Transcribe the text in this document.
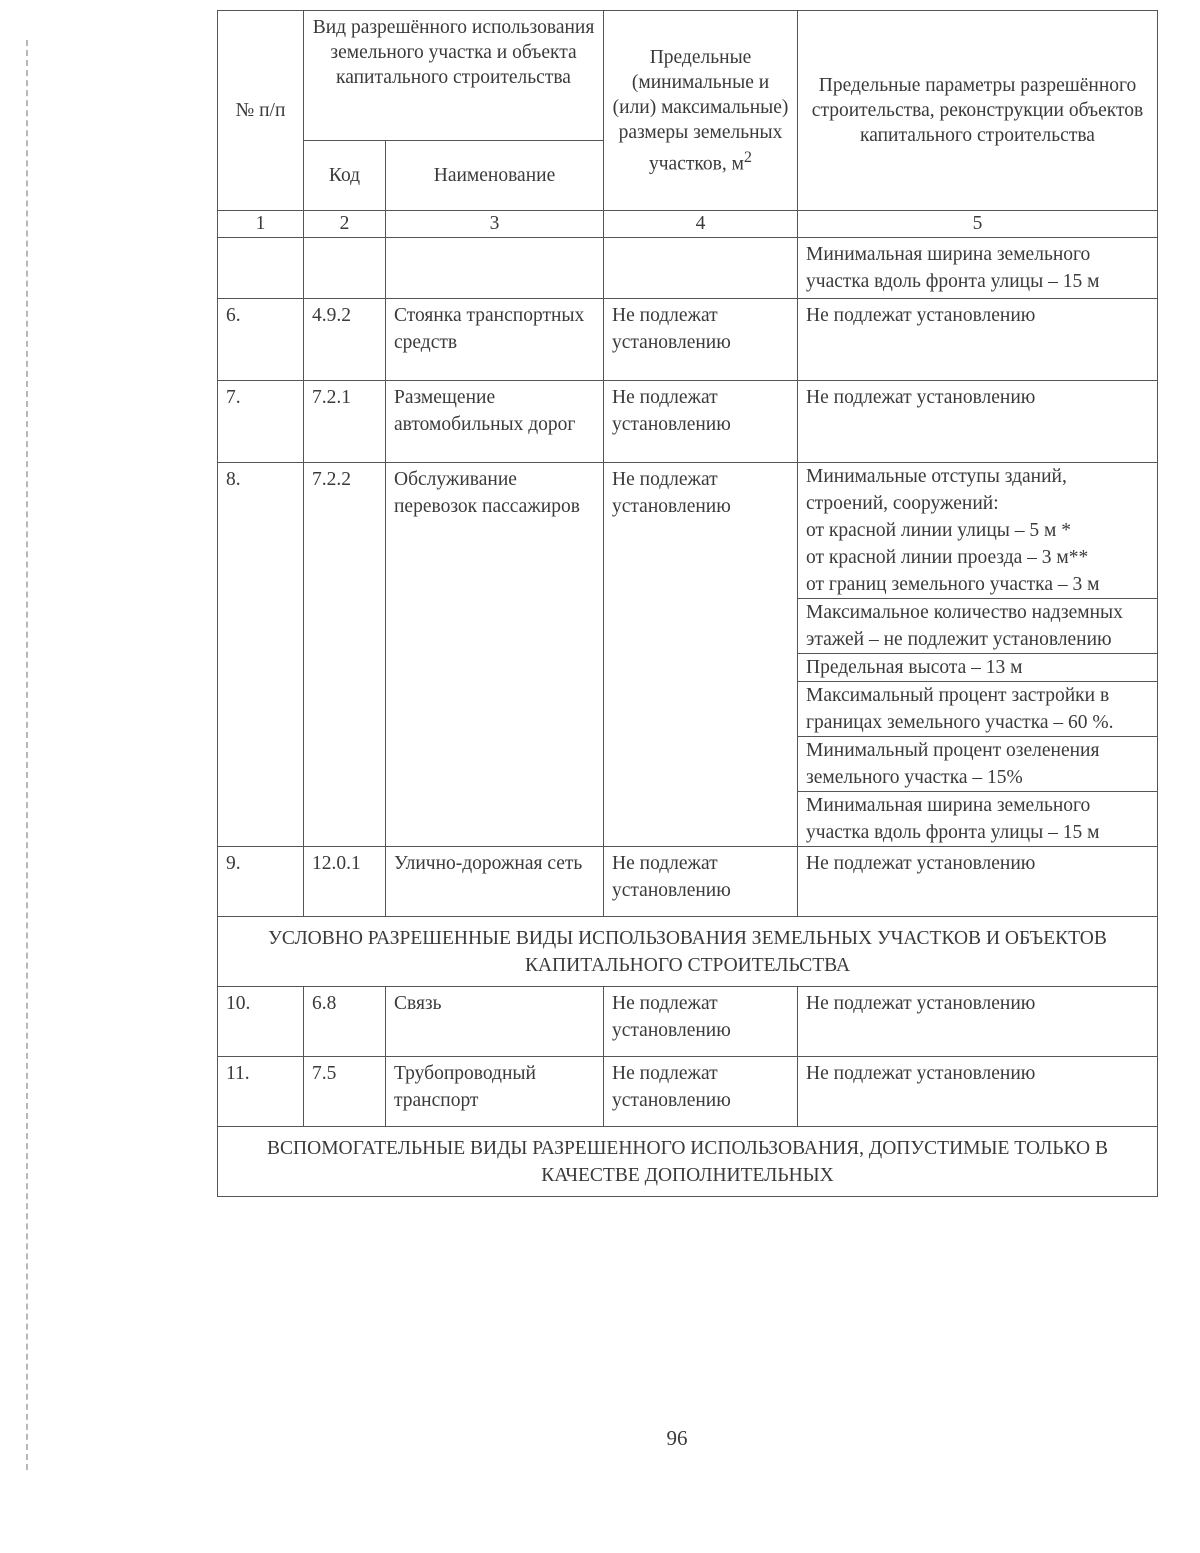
№ п/п	Вид разрешённого использования земельного участка и объекта капитального строительства	Предельные (минимальные и (или) максимальные) размеры земельных участков, $м^2$	Предельные параметры разрешённого строительства, реконструкции объектов капитального строительства
Код	Наименование
1	2	3	4	5
				Минимальная ширина земельного участка вдоль фронта улицы – 15 м
6.	4.9.2	Стоянка транспортных средств	Не подлежат установлению	Не подлежат установлению
7.	7.2.1	Размещение автомобильных дорог	Не подлежат установлению	Не подлежат установлению
8.	7.2.2	Обслуживание перевозок пассажиров	Не подлежат установлению	
Минимальные отступы зданий, строений, сооружений:
от красной линии улицы – 5 м *
от красной линии проезда – 3 м**
от границ земельного участка – 3 м

Максимальное количество надземных этажей – не подлежит установлению
Предельная высота – 13 м
Максимальный процент застройки в границах земельного участка – 60 %.
Минимальный процент озеленения земельного участка – 15%
Минимальная ширина земельного участка вдоль фронта улицы – 15 м

9.	12.0.1	Улично-дорожная сеть	Не подлежат установлению	Не подлежат установлению
УСЛОВНО РАЗРЕШЕННЫЕ ВИДЫ ИСПОЛЬЗОВАНИЯ ЗЕМЕЛЬНЫХ УЧАСТКОВ И ОБЪЕКТОВ КАПИТАЛЬНОГО СТРОИТЕЛЬСТВА
10.	6.8	Связь	Не подлежат установлению	Не подлежат установлению
11.	7.5	Трубопроводный транспорт	Не подлежат установлению	Не подлежат установлению
ВСПОМОГАТЕЛЬНЫЕ ВИДЫ РАЗРЕШЕННОГО ИСПОЛЬЗОВАНИЯ, ДОПУСТИМЫЕ ТОЛЬКО В КАЧЕСТВЕ ДОПОЛНИТЕЛЬНЫХ
96
